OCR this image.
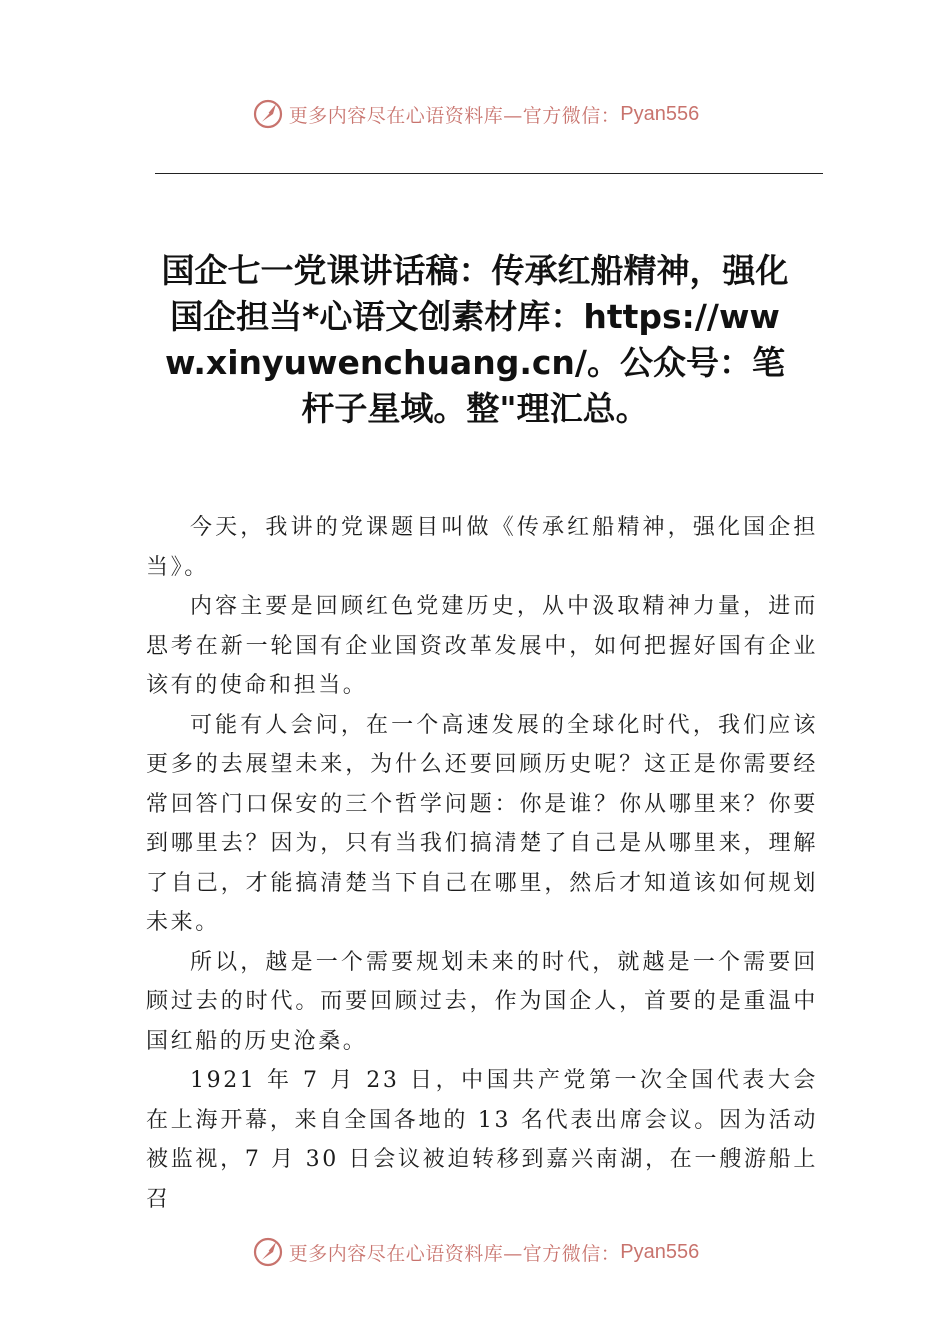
更多内容尽在心语资料库—官方微信： Pyan556
国企七一党课讲话稿：传承红船精神，强化国企担当*心语文创素材库：https://www.xinyuwenchuang.cn/。公众号：笔杆子星域。整"理汇总。

今天，我讲的党课题目叫做《传承红船精神，强化国企担当》。

内容主要是回顾红色党建历史，从中汲取精神力量，进而思考在新一轮国有企业国资改革发展中，如何把握好国有企业该有的使命和担当。

可能有人会问，在一个高速发展的全球化时代，我们应该更多的去展望未来，为什么还要回顾历史呢？这正是你需要经常回答门口保安的三个哲学问题：你是谁？你从哪里来？你要到哪里去？因为，只有当我们搞清楚了自己是从哪里来，理解了自己，才能搞清楚当下自己在哪里，然后才知道该如何规划未来。

所以，越是一个需要规划未来的时代，就越是一个需要回顾过去的时代。而要回顾过去，作为国企人，首要的是重温中国红船的历史沧桑。

1921 年 7 月 23 日，中国共产党第一次全国代表大会在上海开幕，来自全国各地的 13 名代表出席会议。因为活动被监视，7 月 30 日会议被迫转移到嘉兴南湖，在一艘游船上召

更多内容尽在心语资料库—官方微信： Pyan556
